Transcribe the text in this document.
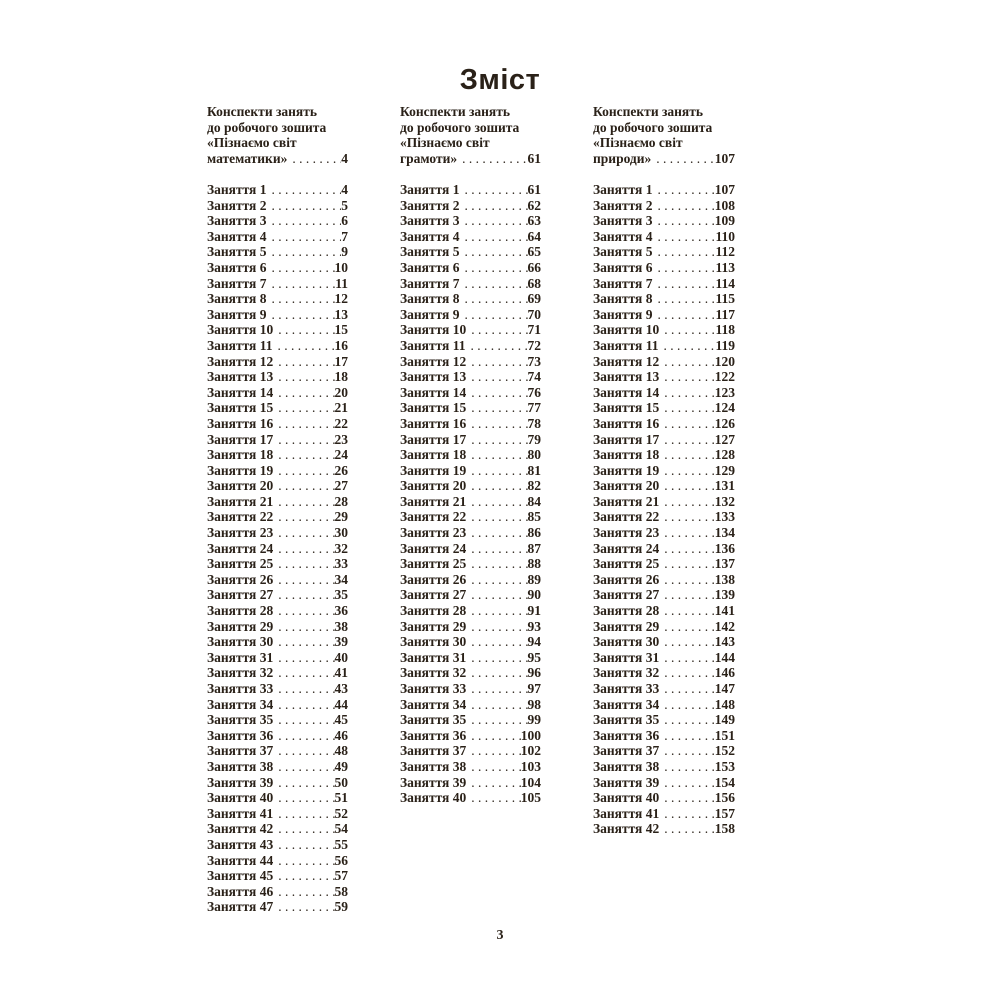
Зміст
Конспекти занять
до робочого зошита
«Пізнаємо світ
математики» . . .	4
Заняття 1 . . .	4
Заняття 2 . . .	5
Заняття 3 . . .	6
Заняття 4 . . .	7
Заняття 5 . . .	9
Заняття 6 . . .	10
Заняття 7 . . .	11
Заняття 8 . . .	12
Заняття 9 . . .	13
Заняття 10 . . .	15
Заняття 11 . . .	16
Заняття 12 . . .	17
Заняття 13 . . .	18
Заняття 14 . . .	20
Заняття 15 . . .	21
Заняття 16 . . .	22
Заняття 17 . . .	23
Заняття 18 . . .	24
Заняття 19 . . .	26
Заняття 20 . . .	27
Заняття 21 . . .	28
Заняття 22 . . .	29
Заняття 23 . . .	30
Заняття 24 . . .	32
Заняття 25 . . .	33
Заняття 26 . . .	34
Заняття 27 . . .	35
Заняття 28 . . .	36
Заняття 29 . . .	38
Заняття 30 . . .	39
Заняття 31 . . .	40
Заняття 32 . . .	41
Заняття 33 . . .	43
Заняття 34 . . .	44
Заняття 35 . . .	45
Заняття 36 . . .	46
Заняття 37 . . .	48
Заняття 38 . . .	49
Заняття 39 . . .	50
Заняття 40 . . .	51
Заняття 41 . . .	52
Заняття 42 . . .	54
Заняття 43 . . .	55
Заняття 44 . . .	56
Заняття 45 . . .	57
Заняття 46 . . .	58
Заняття 47 . . .	59
Конспекти занять
до робочого зошита
«Пізнаємо світ
грамоти» . . .	61
Заняття 1 . . .	61
Заняття 2 . . .	62
Заняття 3 . . .	63
Заняття 4 . . .	64
Заняття 5 . . .	65
Заняття 6 . . .	66
Заняття 7 . . .	68
Заняття 8 . . .	69
Заняття 9 . . .	70
Заняття 10 . . .	71
Заняття 11 . . .	72
Заняття 12 . . .	73
Заняття 13 . . .	74
Заняття 14 . . .	76
Заняття 15 . . .	77
Заняття 16 . . .	78
Заняття 17 . . .	79
Заняття 18 . . .	80
Заняття 19 . . .	81
Заняття 20 . . .	82
Заняття 21 . . .	84
Заняття 22 . . .	85
Заняття 23 . . .	86
Заняття 24 . . .	87
Заняття 25 . . .	88
Заняття 26 . . .	89
Заняття 27 . . .	90
Заняття 28 . . .	91
Заняття 29 . . .	93
Заняття 30 . . .	94
Заняття 31 . . .	95
Заняття 32 . . .	96
Заняття 33 . . .	97
Заняття 34 . . .	98
Заняття 35 . . .	99
Заняття 36 . . .	100
Заняття 37 . . .	102
Заняття 38 . . .	103
Заняття 39 . . .	104
Заняття 40 . . .	105
Конспекти занять
до робочого зошита
«Пізнаємо світ
природи» . . .	107
Заняття 1 . . .	107
Заняття 2 . . .	108
Заняття 3 . . .	109
Заняття 4 . . .	110
Заняття 5 . . .	112
Заняття 6 . . .	113
Заняття 7 . . .	114
Заняття 8 . . .	115
Заняття 9 . . .	117
Заняття 10 . . .	118
Заняття 11 . . .	119
Заняття 12 . . .	120
Заняття 13 . . .	122
Заняття 14 . . .	123
Заняття 15 . . .	124
Заняття 16 . . .	126
Заняття 17 . . .	127
Заняття 18 . . .	128
Заняття 19 . . .	129
Заняття 20 . . .	131
Заняття 21 . . .	132
Заняття 22 . . .	133
Заняття 23 . . .	134
Заняття 24 . . .	136
Заняття 25 . . .	137
Заняття 26 . . .	138
Заняття 27 . . .	139
Заняття 28 . . .	141
Заняття 29 . . .	142
Заняття 30 . . .	143
Заняття 31 . . .	144
Заняття 32 . . .	146
Заняття 33 . . .	147
Заняття 34 . . .	148
Заняття 35 . . .	149
Заняття 36 . . .	151
Заняття 37 . . .	152
Заняття 38 . . .	153
Заняття 39 . . .	154
Заняття 40 . . .	156
Заняття 41 . . .	157
Заняття 42 . . .	158
3
